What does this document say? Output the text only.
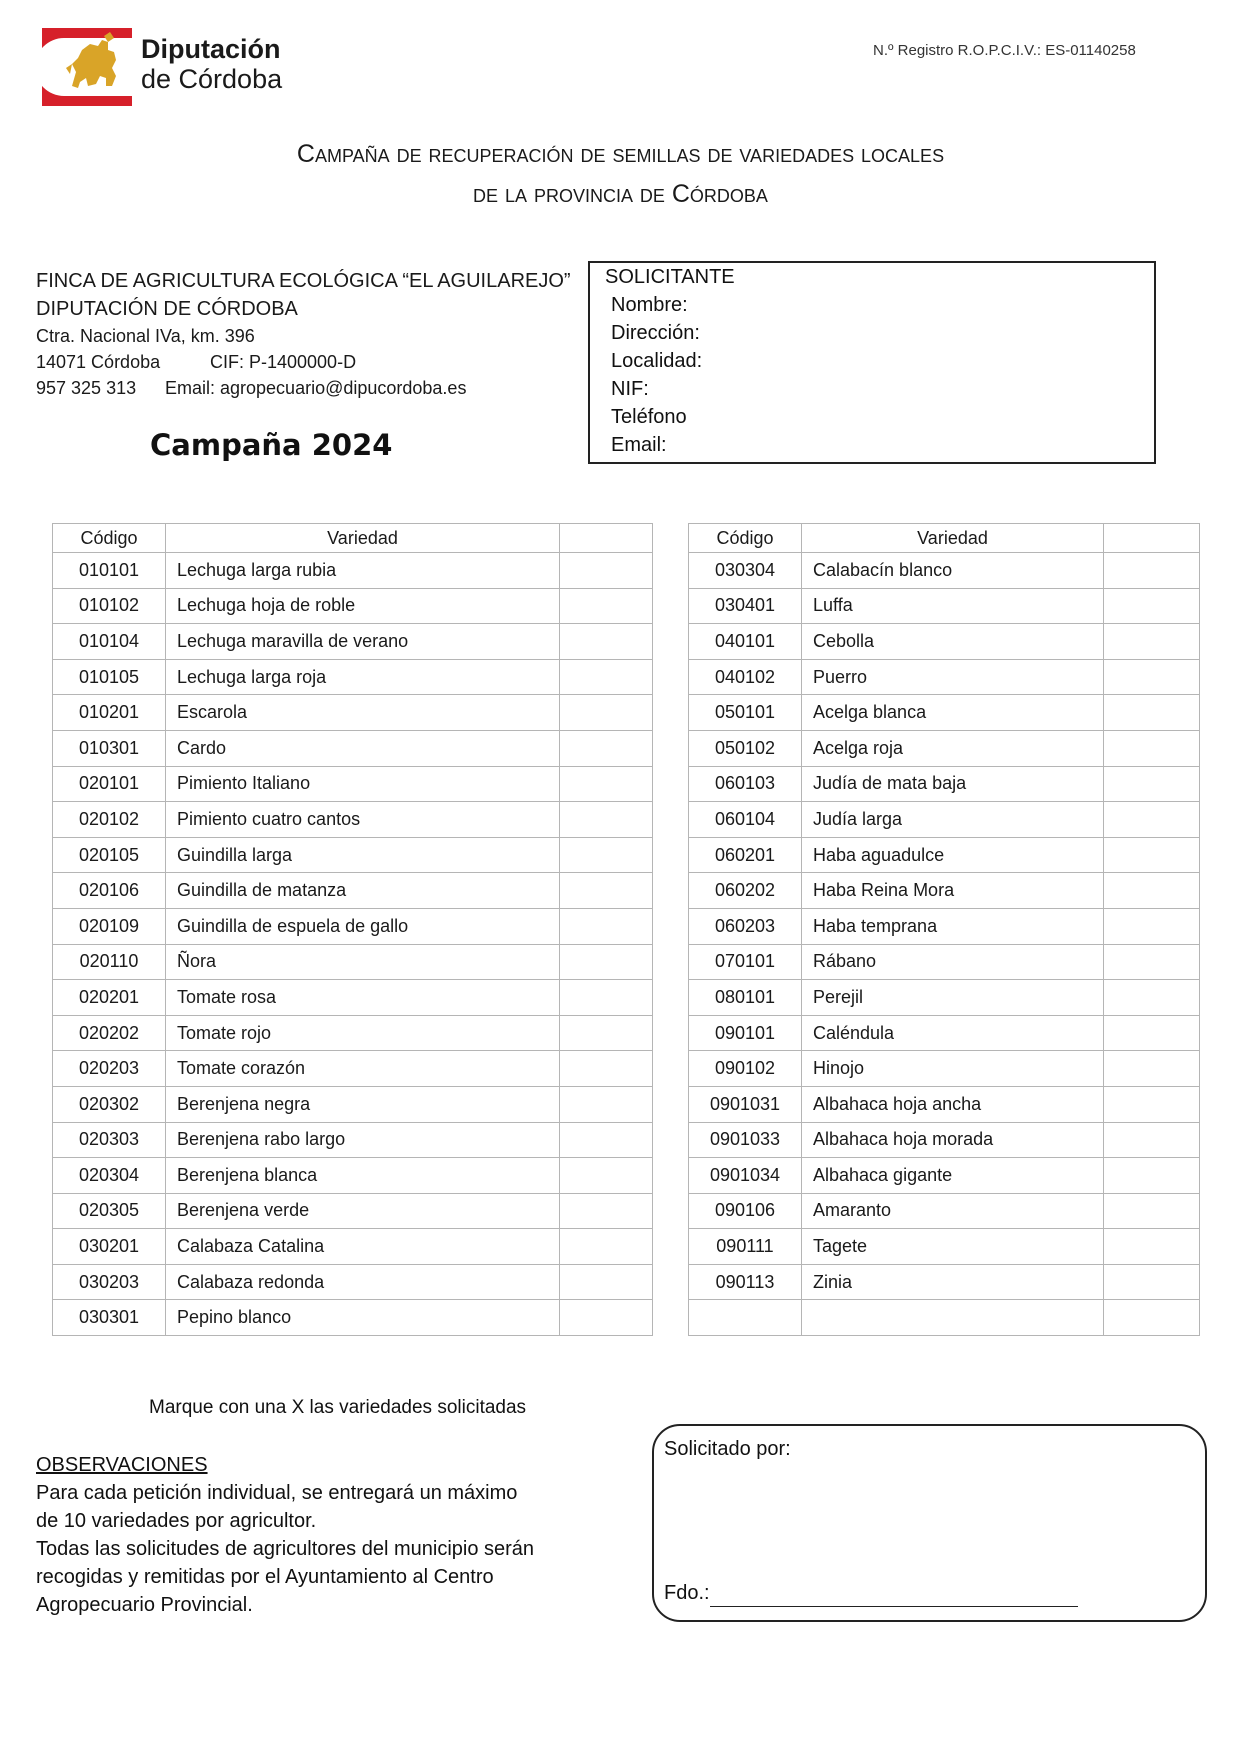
Diputación
de Córdoba
N.º Registro R.O.P.C.I.V.: ES-01140258
Campaña de recuperación de semillas de variedades locales
de la provincia de Córdoba
FINCA DE AGRICULTURA ECOLÓGICA “EL AGUILAREJO”
DIPUTACIÓN DE CÓRDOBA
Ctra. Nacional IVa, km. 396
14071 Córdoba	CIF: P-1400000-D
957 325 313 Email: agropecuario@dipucordoba.es
Campaña 2024
SOLICITANTE
Nombre:
Dirección:
Localidad:
NIF:
Teléfono
Email:
Código	Variedad	
010101	Lechuga larga rubia	
010102	Lechuga hoja de roble	
010104	Lechuga maravilla de verano	
010105	Lechuga larga roja	
010201	Escarola	
010301	Cardo	
020101	Pimiento Italiano	
020102	Pimiento cuatro cantos	
020105	Guindilla larga	
020106	Guindilla de matanza	
020109	Guindilla de espuela de gallo	
020110	Ñora	
020201	Tomate rosa	
020202	Tomate rojo	
020203	Tomate corazón	
020302	Berenjena negra	
020303	Berenjena rabo largo	
020304	Berenjena blanca	
020305	Berenjena verde	
030201	Calabaza Catalina	
030203	Calabaza redonda	
030301	Pepino blanco	
Código	Variedad	
030304	Calabacín blanco	
030401	Luffa	
040101	Cebolla	
040102	Puerro	
050101	Acelga blanca	
050102	Acelga roja	
060103	Judía de mata baja	
060104	Judía larga	
060201	Haba aguadulce	
060202	Haba Reina Mora	
060203	Haba temprana	
070101	Rábano	
080101	Perejil	
090101	Caléndula	
090102	Hinojo	
0901031	Albahaca hoja ancha	
0901033	Albahaca hoja morada	
0901034	Albahaca gigante	
090106	Amaranto	
090111	Tagete	
090113	Zinia	

Marque con una X las variedades solicitadas
OBSERVACIONES
Para cada petición individual, se entregará un máximo
de 10 variedades por agricultor.
Todas las solicitudes de agricultores del municipio serán
recogidas y remitidas por el Ayuntamiento al Centro
Agropecuario Provincial.
Solicitado por:
Fdo.:
